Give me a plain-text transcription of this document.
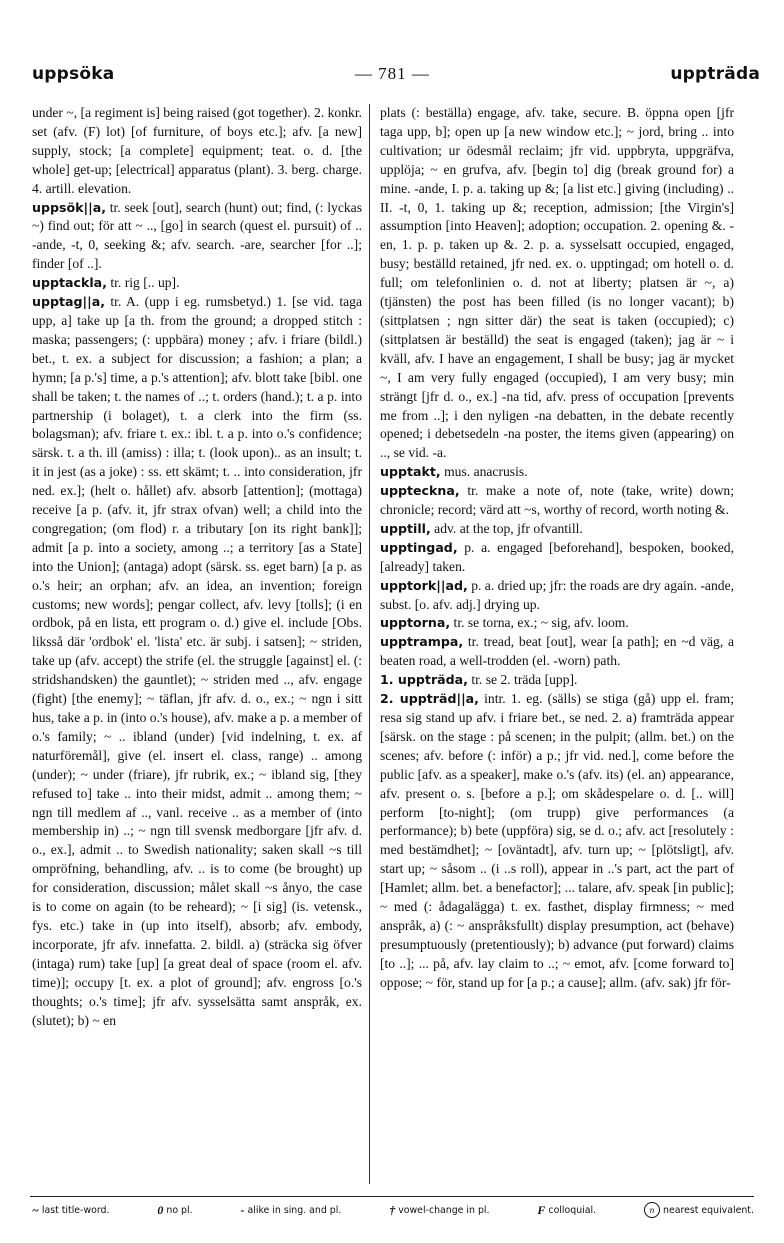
uppsöka	— 781 —	uppträda

under ~, [a regiment is] being raised (got together). 2. konkr. set (afv. (F) lot) [of furniture, of boys etc.]; afv. [a new] supply, stock; [a complete] equipment; teat. o. d. [the whole] get-up; [electrical] apparatus (plant). 3. berg. charge. 4. artill. elevation.

uppsök||a, tr. seek [out], search (hunt) out; find, (: lyckas ~) find out; för att ~ .., [go] in search (quest el. pursuit) of .. -ande, -t, 0, seeking &; afv. search. -are, searcher [for ..]; finder [of ..].

upptackla, tr. rig [.. up].

upptag||a, tr. A. (upp i eg. rumsbetyd.) 1. [se vid. taga upp, a] take up [a th. from the ground; a dropped stitch : maska; passengers; (: uppbära) money ; afv. i friare (bildl.) bet., t. ex. a subject for discussion; a fashion; a plan; a hymn; [a p.'s] time, a p.'s attention]; afv. blott take [bibl. one shall be taken; t. the names of ..; t. orders (hand.); t. a p. into partnership (i bolaget), t. a clerk into the firm (ss. bolagsman); afv. friare t. ex.: ibl. t. a p. into o.'s confidence; särsk. t. a th. ill (amiss) : illa; t. (look upon).. as an insult; t. it in jest (as a joke) : ss. ett skämt; t. .. into consideration, jfr ned. ex.]; (helt o. hållet) afv. absorb [attention]; (mottaga) receive [a p. (afv. it, jfr strax ofvan) well; a child into the congregation; (om flod) r. a tributary [on its right bank]]; admit [a p. into a society, among ..; a territory [as a State] into the Union]; (antaga) adopt (särsk. ss. eget barn) [a p. as o.'s heir; an orphan; afv. an idea, an invention; foreign customs; new words]; pengar collect, afv. levy [tolls]; (i en ordbok, på en lista, ett program o. d.) give el. include [Obs. liksså där 'ordbok' el. 'lista' etc. är subj. i satsen]; ~ striden, take up (afv. accept) the strife (el. the struggle [against] el. (: stridshandsken) the gauntlet); ~ striden med .., afv. engage (fight) [the enemy]; ~ täflan, jfr afv. d. o., ex.; ~ ngn i sitt hus, take a p. in (into o.'s house), afv. make a p. a member of o.'s family; ~ .. ibland (under) [vid indelning, t. ex. af naturföremål], give (el. insert el. class, range) .. among (under); ~ under (friare), jfr rubrik, ex.; ~ ibland sig, [they refused to] take .. into their midst, admit .. among them; ~ ngn till medlem af .., vanl. receive .. as a member of (into membership in) ..; ~ ngn till svensk medborgare [jfr afv. d. o., ex.], admit .. to Swedish nationality; saken skall ~s till ompröfning, behandling, afv. .. is to come (be brought) up for consideration, discussion; målet skall ~s ånyo, the case is to come on again (to be reheard); ~ [i sig] (is. vetensk., fys. etc.) take in (up into itself), absorb; afv. embody, incorporate, jfr afv. innefatta. 2. bildl. a) (sträcka sig öfver (intaga) rum) take [up] [a great deal of space (room el. afv. time)]; occupy [t. ex. a plot of ground]; afv. engross [o.'s thoughts; o.'s time]; jfr afv. sysselsätta samt anspråk, ex. (slutet); b) ~ en

plats (: beställa) engage, afv. take, secure. B. öppna open [jfr taga upp, b]; open up [a new window etc.]; ~ jord, bring .. into cultivation; ur ödesmål reclaim; jfr vid. uppbryta, uppgräfva, upplöja; ~ en grufva, afv. [begin to] dig (break ground for) a mine. -ande, I. p. a. taking up &; [a list etc.] giving (including) .. II. -t, 0, 1. taking up &; reception, admission; [the Virgin's] assumption [into Heaven]; adoption; occupation. 2. opening &. -en, 1. p. p. taken up &. 2. p. a. sysselsatt occupied, engaged, busy; beställd retained, jfr ned. ex. o. upptingad; om hotell o. d. full; om telefonlinien o. d. not at liberty; platsen är ~, a) (tjänsten) the post has been filled (is no longer vacant); b) (sittplatsen ; ngn sitter där) the seat is taken (occupied); c) (sittplatsen är beställd) the seat is engaged (taken); jag är ~ i kväll, afv. I have an engagement, I shall be busy; jag är mycket ~, I am very fully engaged (occupied), I am very busy; min strängt [jfr d. o., ex.] -na tid, afv. press of occupation [prevents me from ..]; i den nyligen -na debatten, in the debate recently opened; i debetsedeln -na poster, the items given (appearing) on .., se vid. -a.

upptakt, mus. anacrusis.

uppteckna, tr. make a note of, note (take, write) down; chronicle; record; värd att ~s, worthy of record, worth noting &.

upptill, adv. at the top, jfr ofvantill.

upptingad, p. a. engaged [beforehand], bespoken, booked, [already] taken.

upptork||ad, p. a. dried up; jfr: the roads are dry again. -ande, subst. [o. afv. adj.] drying up.

upptorna, tr. se torna, ex.; ~ sig, afv. loom.

upptrampa, tr. tread, beat [out], wear [a path]; en ~d väg, a beaten road, a well-trodden (el. -worn) path.

1. uppträda, tr. se 2. träda [upp].

2. uppträd||a, intr. 1. eg. (sälls) se stiga (gå) upp el. fram; resa sig stand up afv. i friare bet., se ned. 2. a) framträda appear [särsk. on the stage : på scenen; in the pulpit; (allm. bet.) on the scenes; afv. before (: inför) a p.; jfr vid. ned.], come before the public [afv. as a speaker], make o.'s (afv. its) (el. an) appearance, afv. present o. s. [before a p.]; om skådespelare o. d. [.. will] perform [to-night]; (om trupp) give performances (a performance); b) bete (uppföra) sig, se d. o.; afv. act [resolutely : med bestämdhet]; ~ [oväntadt], afv. turn up; ~ [plötsligt], afv. start up; ~ såsom .. (i ..s roll), appear in ..'s part, act the part of [Hamlet; allm. bet. a benefactor]; ... talare, afv. speak [in public]; ~ med (: ådagalägga) t. ex. fasthet, display firmness; ~ med anspråk, a) (: ~ anspråksfullt) display presumption, act (behave) presumptuously (pretentiously); b) advance (put forward) claims [to ..]; ... på, afv. lay claim to ..; ~ emot, afv. [come forward to] oppose; ~ för, stand up for [a p.; a cause]; allm. (afv. sak) jfr för-

~ last title-word.	0 no pl.	- alike in sing. and pl.	† vowel-change in pl.	F colloquial.	n nearest equivalent.
